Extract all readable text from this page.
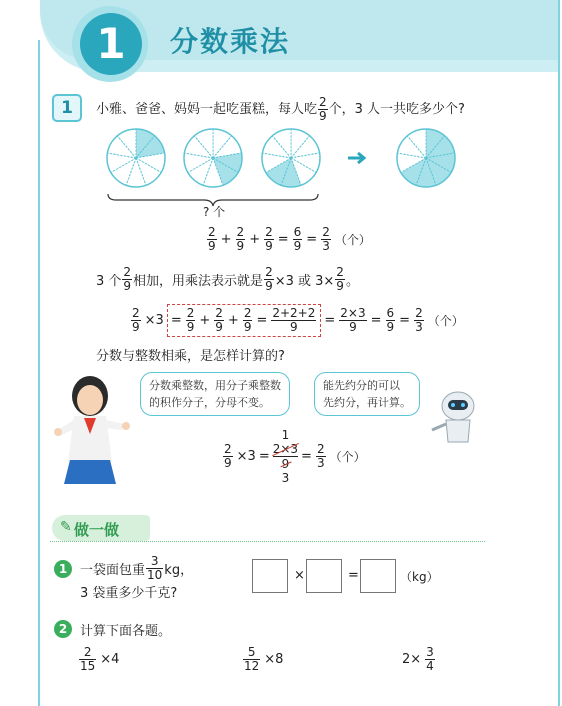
1	分数乘法
1	小雅、爸爸、妈妈一起吃蛋糕，每人吃 $\frac{2}{9}$ 个，3 人一共吃多少个?
? 个
$\frac{2}{9} + \frac{2}{9} + \frac{2}{9} = \frac{6}{9} = \frac{2}{3}$ （个）
3 个 $\frac{2}{9}$ 相加，用乘法表示就是 $\frac{2}{9} \times 3$ 或 $3\times \frac{2}{9}$ 。
$\frac{2}{9} \times 3 = \frac{2}{9} + \frac{2}{9} + \frac{2}{9} = \frac{2+2+2}{9} = \frac{2\times 3}{9} = \frac{6}{9} = \frac{2}{3}$ （个）
分数与整数相乘，是怎样计算的?
分数乘整数，用分子乘整数
的积作分子，分母不变。
能先约分的可以
先约分，再计算。
$\frac{2}{9} \times 3$ =
1
2×3
9
3
= $\frac{2}{3}$ （个）
✎ 做一做
1 一袋面包重 $\frac{3}{10}$ kg，
3 袋重多少千克?
×	=	（kg）
2 计算下面各题。
$\frac{2}{15} \times 4$	$\frac{5}{12} \times 8$	$2\times \frac{3}{4}$
